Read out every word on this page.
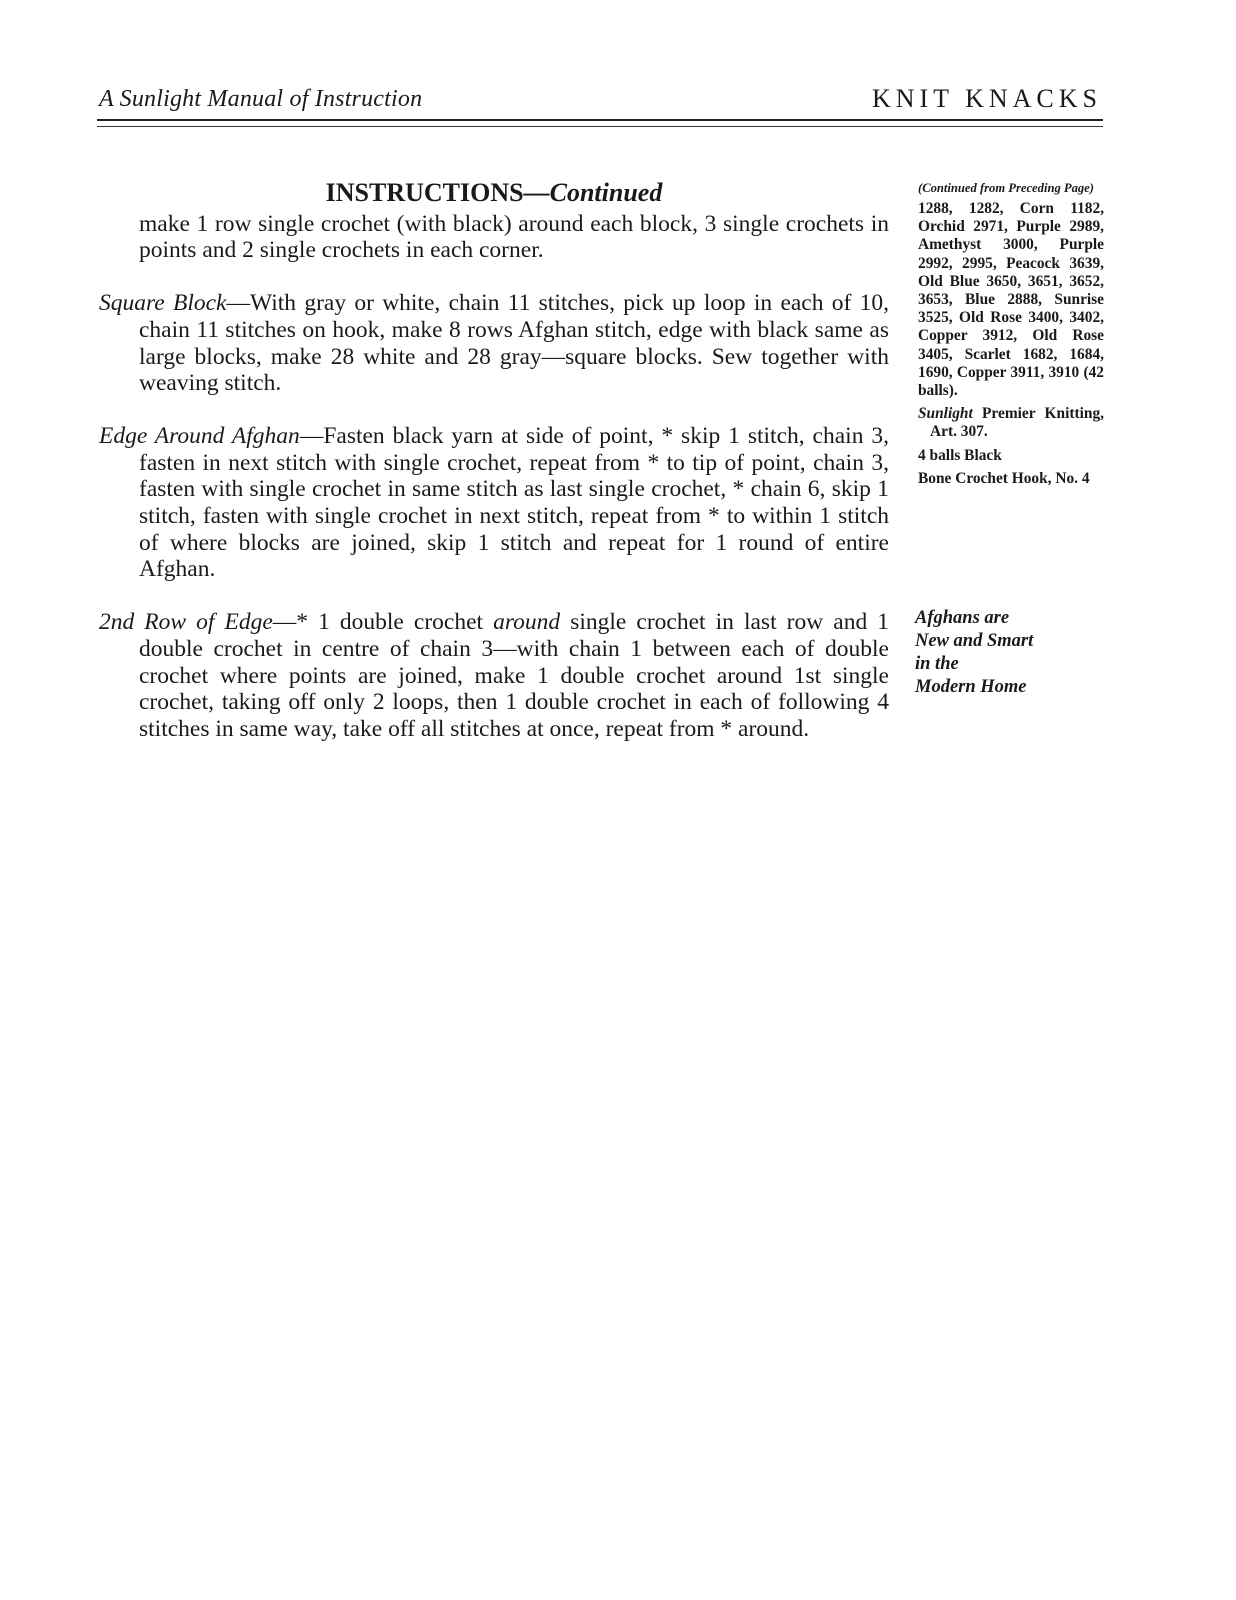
A Sunlight Manual of Instruction	KNIT KNACKS
INSTRUCTIONS—Continued

make 1 row single crochet (with black) around each block, 3 single crochets in points and 2 single crochets in each corner.

Square Block—With gray or white, chain 11 stitches, pick up loop in each of 10, chain 11 stitches on hook, make 8 rows Afghan stitch, edge with black same as large blocks, make 28 white and 28 gray—square blocks. Sew together with weaving stitch.

Edge Around Afghan—Fasten black yarn at side of point, * skip 1 stitch, chain 3, fasten in next stitch with single crochet, repeat from * to tip of point, chain 3, fasten with single crochet in same stitch as last single crochet, * chain 6, skip 1 stitch, fasten with single crochet in next stitch, repeat from * to within 1 stitch of where blocks are joined, skip 1 stitch and repeat for 1 round of entire Afghan.

2nd Row of Edge—* 1 double crochet around single crochet in last row and 1 double crochet in centre of chain 3—with chain 1 between each of double crochet where points are joined, make 1 double crochet around 1st single crochet, taking off only 2 loops, then 1 double crochet in each of following 4 stitches in same way, take off all stitches at once, repeat from * around.

(Continued from Preceding Page)
1288, 1282, Corn 1182, Orchid 2971, Purple 2989, Amethyst 3000, Purple 2992, 2995, Peacock 3639, Old Blue 3650, 3651, 3652, 3653, Blue 2888, Sunrise 3525, Old Rose 3400, 3402, Copper 3912, Old Rose 3405, Scarlet 1682, 1684, 1690, Copper 3911, 3910 (42 balls).
Sunlight Premier Knitting, Art. 307.
4 balls Black
Bone Crochet Hook, No. 4
Afghans are
New and Smart
in the
Modern Home
